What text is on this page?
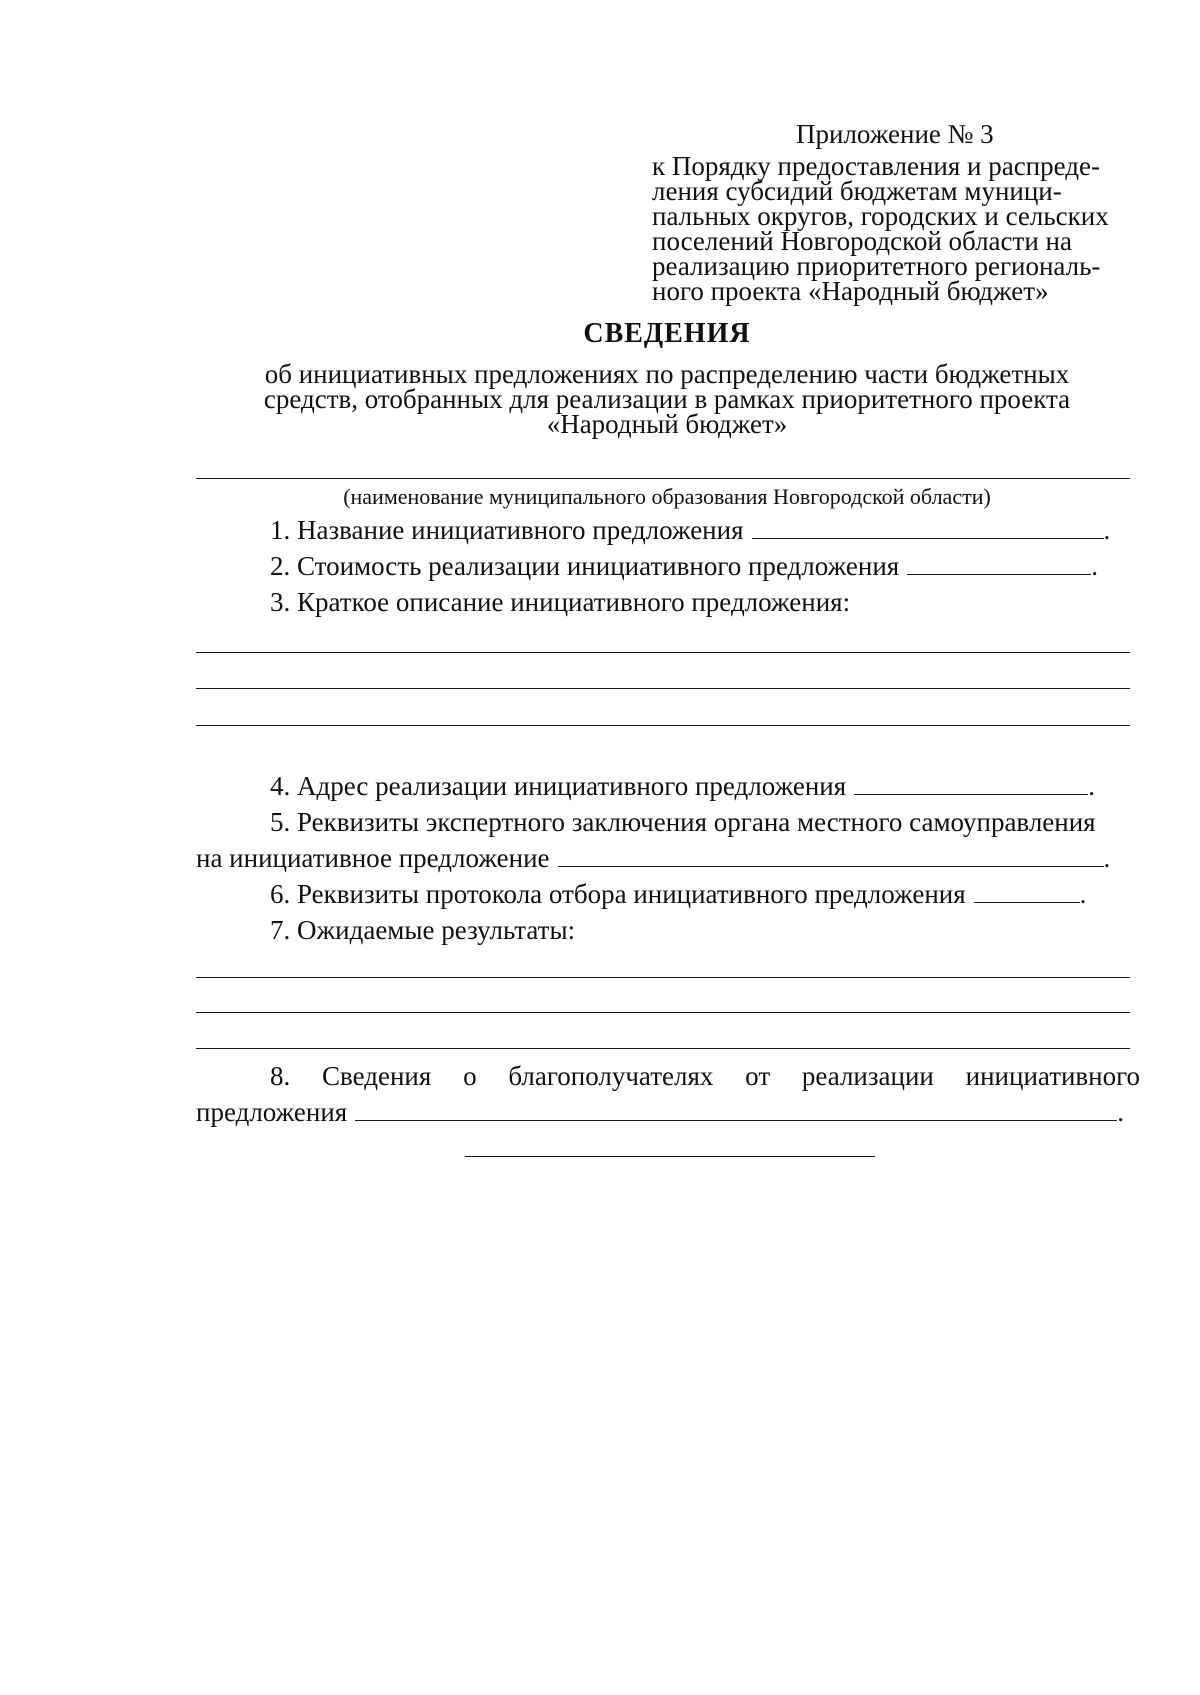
Приложение № 3
к Порядку предоставления и распреде-
ления субсидий бюджетам муници-
пальных округов, городских и сельских
поселений Новгородской области на
реализацию приоритетного региональ-
ного проекта «Народный бюджет»
СВЕДЕНИЯ
об инициативных предложениях по распределению части бюджетных
средств, отобранных для реализации в рамках приоритетного проекта
«Народный бюджет»
(наименование муниципального образования Новгородской области)
1. Название инициативного предложения	.
2. Стоимость реализации инициативного предложения	.
3. Краткое описание инициативного предложения:
4. Адрес реализации инициативного предложения	.
5. Реквизиты экспертного заключения органа местного самоуправления
на инициативное предложение	.
6. Реквизиты протокола отбора инициативного предложения	.
7. Ожидаемые результаты:
8. Сведения о благополучателях от реализации инициативного
предложения	.
